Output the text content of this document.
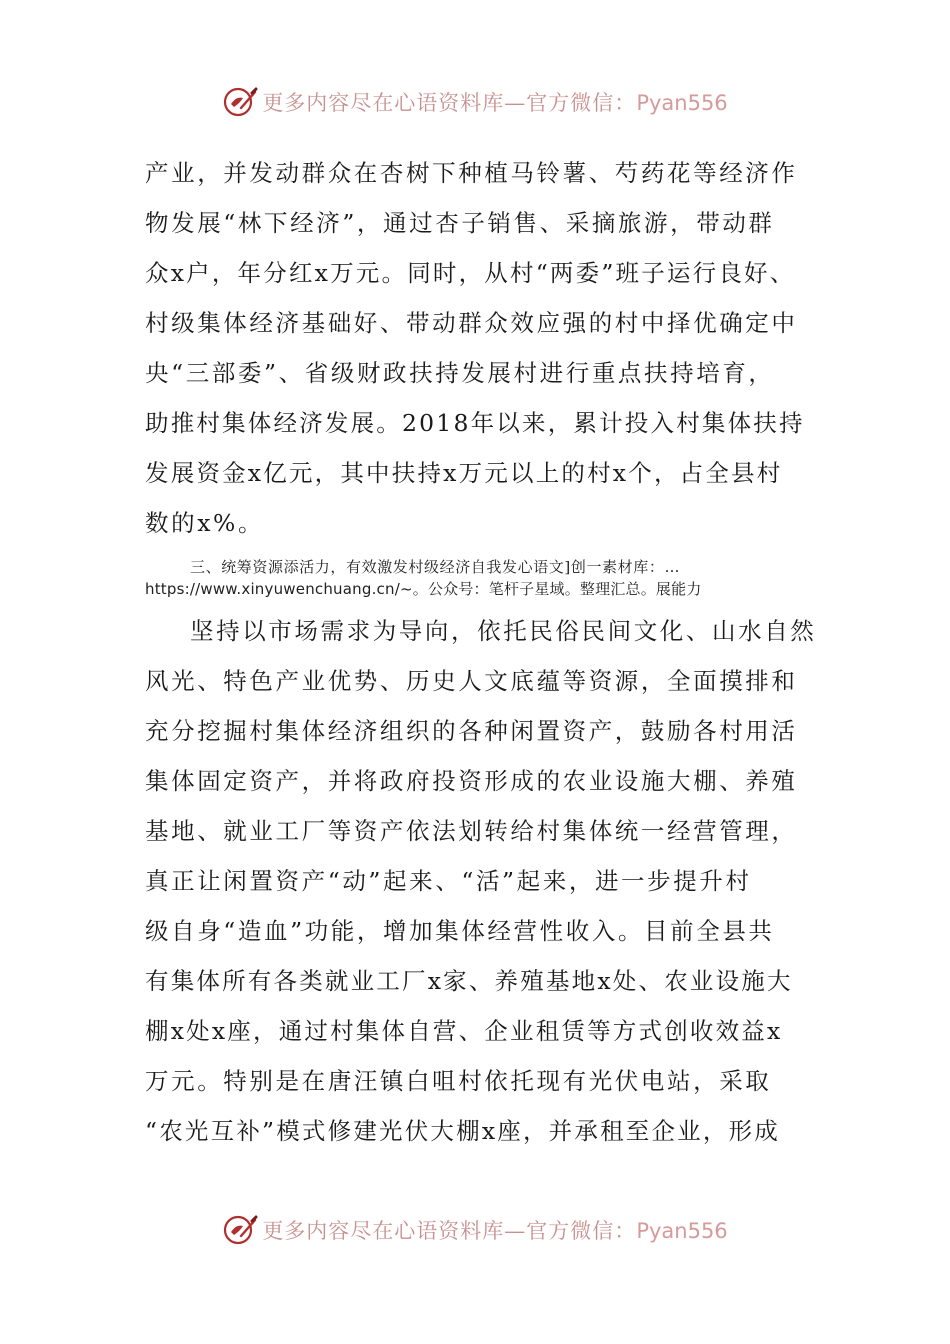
更多内容尽在心语资料库—官方微信：Pyan556
产业，并发动群众在杏树下种植马铃薯、芍药花等经济作
物发展“林下经济”，通过杏子销售、采摘旅游，带动群
众x户，年分红x万元。同时，从村“两委”班子运行良好、
村级集体经济基础好、带动群众效应强的村中择优确定中
央“三部委”、省级财政扶持发展村进行重点扶持培育，
助推村集体经济发展。2018年以来，累计投入村集体扶持
发展资金x亿元，其中扶持x万元以上的村x个，占全县村
数的x%。
三、统筹资源添活力，有效激发村级经济自我发心语文]创一素材库：…
https://www.xinyuwenchuang.cn/~。公众号：笔杆子星域。整理汇总。展能力
坚持以市场需求为导向，依托民俗民间文化、山水自然
风光、特色产业优势、历史人文底蕴等资源，全面摸排和
充分挖掘村集体经济组织的各种闲置资产，鼓励各村用活
集体固定资产，并将政府投资形成的农业设施大棚、养殖
基地、就业工厂等资产依法划转给村集体统一经营管理，
真正让闲置资产“动”起来、“活”起来，进一步提升村
级自身“造血”功能，增加集体经营性收入。目前全县共
有集体所有各类就业工厂x家、养殖基地x处、农业设施大
棚x处x座，通过村集体自营、企业租赁等方式创收效益x
万元。特别是在唐汪镇白咀村依托现有光伏电站，采取
“农光互补”模式修建光伏大棚x座，并承租至企业，形成
更多内容尽在心语资料库—官方微信：Pyan556
